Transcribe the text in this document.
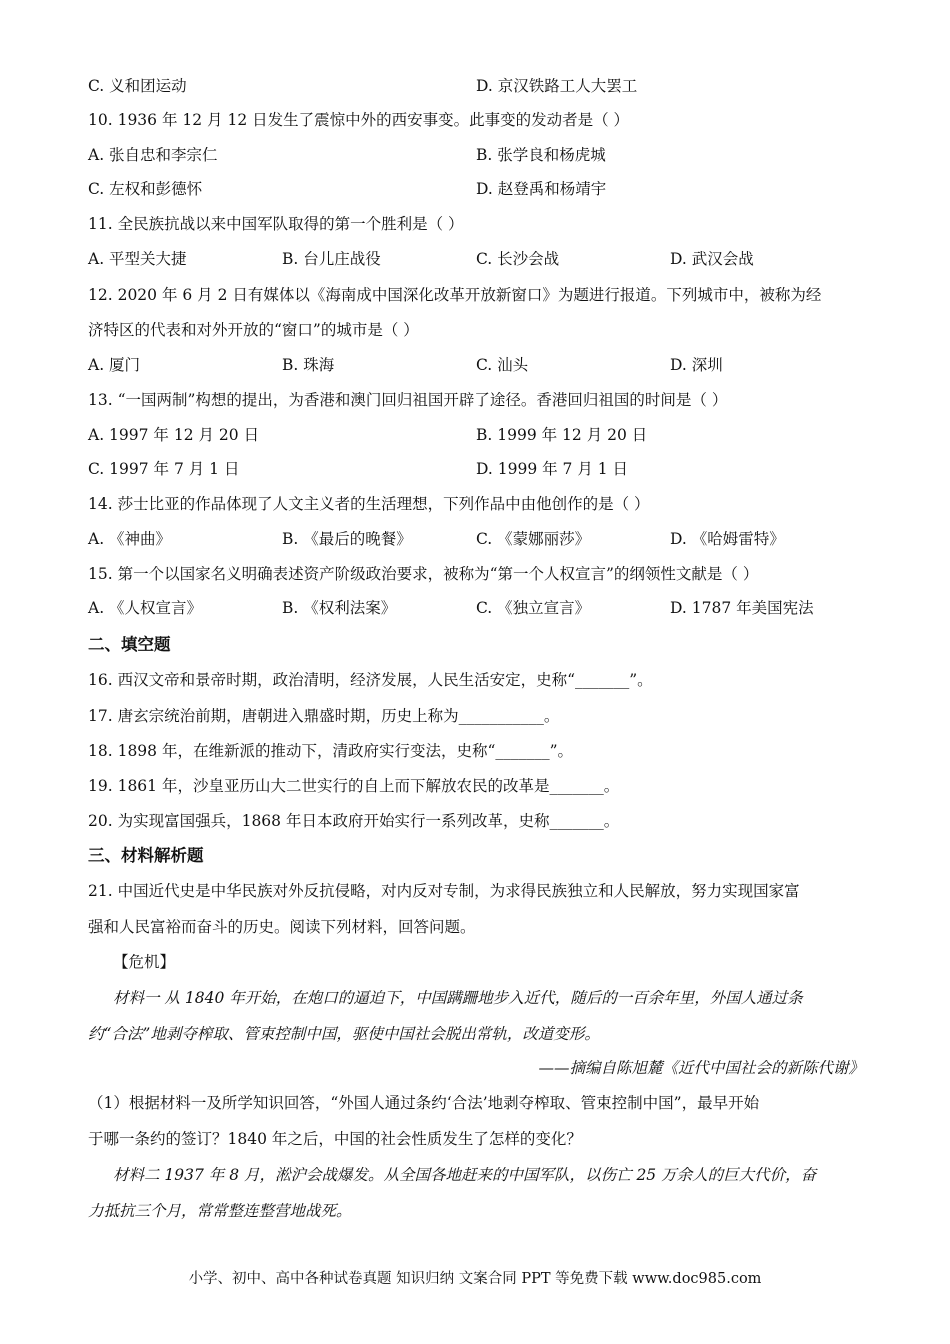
C. 义和团运动	D. 京汉铁路工人大罢工
10. 1936 年 12 月 12 日发生了震惊中外的西安事变。此事变的发动者是（ ）
A. 张自忠和李宗仁	B. 张学良和杨虎城
C. 左权和彭德怀	D. 赵登禹和杨靖宇
11. 全民族抗战以来中国军队取得的第一个胜利是（ ）
A. 平型关大捷	B. 台儿庄战役	C. 长沙会战	D. 武汉会战
12. 2020 年 6 月 2 日有媒体以《海南成中国深化改革开放新窗口》为题进行报道。下列城市中，被称为经
济特区的代表和对外开放的“窗口”的城市是（ ）
A. 厦门	B. 珠海	C. 汕头	D. 深圳
13. “一国两制”构想的提出，为香港和澳门回归祖国开辟了途径。香港回归祖国的时间是（ ）
A. 1997 年 12 月 20 日	B. 1999 年 12 月 20 日
C. 1997 年 7 月 1 日	D. 1999 年 7 月 1 日
14. 莎士比亚的作品体现了人文主义者的生活理想，下列作品中由他创作的是（ ）
A. 《神曲》	B. 《最后的晚餐》	C. 《蒙娜丽莎》	D. 《哈姆雷特》
15. 第一个以国家名义明确表述资产阶级政治要求，被称为“第一个人权宣言”的纲领性文献是（ ）
A. 《人权宣言》	B. 《权利法案》	C. 《独立宣言》	D. 1787 年美国宪法
二、填空题
16. 西汉文帝和景帝时期，政治清明，经济发展，人民生活安定，史称“_______”。
17. 唐玄宗统治前期，唐朝进入鼎盛时期，历史上称为___________。
18. 1898 年，在维新派的推动下，清政府实行变法，史称“_______”。
19. 1861 年，沙皇亚历山大二世实行的自上而下解放农民的改革是_______。
20. 为实现富国强兵，1868 年日本政府开始实行一系列改革，史称_______。
三、材料解析题
21. 中国近代史是中华民族对外反抗侵略，对内反对专制，为求得民族独立和人民解放，努力实现国家富
强和人民富裕而奋斗的历史。阅读下列材料，回答问题。
【危机】
材料一 从 1840 年开始，在炮口的逼迫下，中国蹒跚地步入近代，随后的一百余年里，外国人通过条
约“合法”地剥夺榨取、管束控制中国，驱使中国社会脱出常轨，改道变形。
——摘编自陈旭麓《近代中国社会的新陈代谢》
（1）根据材料一及所学知识回答，“外国人通过条约‘合法’地剥夺榨取、管束控制中国”，最早开始
于哪一条约的签订？1840 年之后，中国的社会性质发生了怎样的变化？
材料二 1937 年 8 月，淞沪会战爆发。从全国各地赶来的中国军队，以伤亡 25 万余人的巨大代价，奋
力抵抗三个月，常常整连整营地战死。
小学、初中、高中各种试卷真题 知识归纳 文案合同 PPT 等免费下载 www.doc985.com
